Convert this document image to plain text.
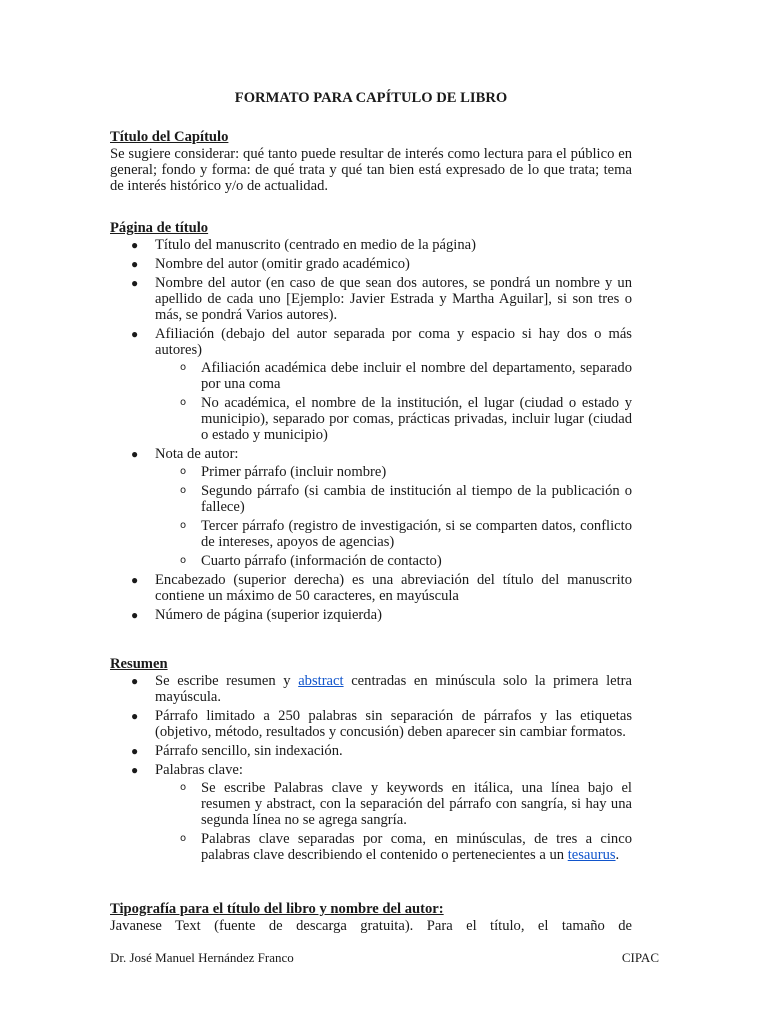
FORMATO PARA CAPÍTULO DE LIBRO
Título del Capítulo

Se sugiere considerar: qué tanto puede resultar de interés como lectura para el público en general; fondo y forma: de qué trata y qué tan bien está expresado de lo que trata; tema de interés histórico y/o de actualidad.

Página de título
● Título del manuscrito (centrado en medio de la página)
● Nombre del autor (omitir grado académico)
● Nombre del autor (en caso de que sean dos autores, se pondrá un nombre y un apellido de cada uno [Ejemplo: Javier Estrada y Martha Aguilar], si son tres o más, se pondrá Varios autores).
● Afiliación (debajo del autor separada por coma y espacio si hay dos o más autores)
o Afiliación académica debe incluir el nombre del departamento, separado por una coma
o No académica, el nombre de la institución, el lugar (ciudad o estado y municipio), separado por comas, prácticas privadas, incluir lugar (ciudad o estado y municipio)
● Nota de autor:
o Primer párrafo (incluir nombre)
o Segundo párrafo (si cambia de institución al tiempo de la publicación o fallece)
o Tercer párrafo (registro de investigación, si se comparten datos, conflicto de intereses, apoyos de agencias)
o Cuarto párrafo (información de contacto)
● Encabezado (superior derecha) es una abreviación del título del manuscrito contiene un máximo de 50 caracteres, en mayúscula
● Número de página (superior izquierda)
Resumen
● Se escribe resumen y abstract centradas en minúscula solo la primera letra mayúscula.
● Párrafo limitado a 250 palabras sin separación de párrafos y las etiquetas (objetivo, método, resultados y concusión) deben aparecer sin cambiar formatos.
● Párrafo sencillo, sin indexación.
● Palabras clave:
o Se escribe Palabras clave y keywords en itálica, una línea bajo el resumen y abstract, con la separación del párrafo con sangría, si hay una segunda línea no se agrega sangría.
o Palabras clave separadas por coma, en minúsculas, de tres a cinco palabras clave describiendo el contenido o pertenecientes a un tesaurus.
Tipografía para el título del libro y nombre del autor:

Javanese Text (fuente de descarga gratuita). Para el título, el tamaño de

Dr. José Manuel Hernández Franco	CIPAC
